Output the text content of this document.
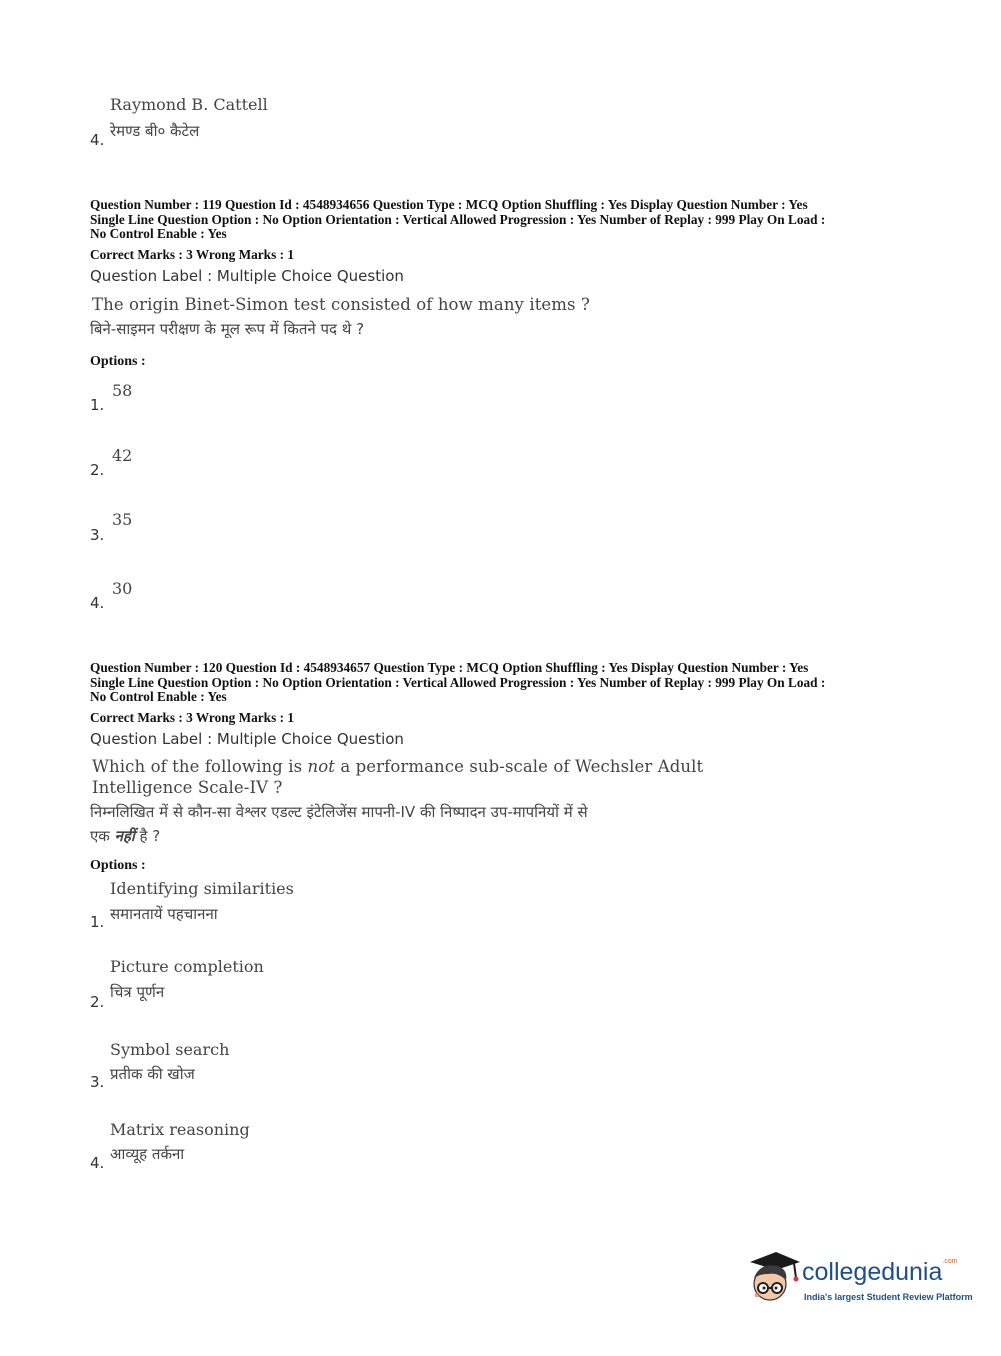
Raymond B. Cattell
रेमण्ड बी० कैटेल
4.
Question Number : 119 Question Id : 4548934656 Question Type : MCQ Option Shuffling : Yes Display Question Number : Yes
Single Line Question Option : No Option Orientation : Vertical Allowed Progression : Yes Number of Replay : 999 Play On Load :
No Control Enable : Yes
Correct Marks : 3 Wrong Marks : 1
Question Label : Multiple Choice Question
The origin Binet-Simon test consisted of how many items ?
बिने-साइमन परीक्षण के मूल रूप में कितने पद थे ?
Options :
58
1.
42
2.
35
3.
30
4.
Question Number : 120 Question Id : 4548934657 Question Type : MCQ Option Shuffling : Yes Display Question Number : Yes
Single Line Question Option : No Option Orientation : Vertical Allowed Progression : Yes Number of Replay : 999 Play On Load :
No Control Enable : Yes
Correct Marks : 3 Wrong Marks : 1
Question Label : Multiple Choice Question
Which of the following is not a performance sub-scale of Wechsler Adult
Intelligence Scale-IV ?
निम्नलिखित में से कौन-सा वेश्लर एडल्ट इंटेलिजेंस मापनी-IV की निष्पादन उप-मापनियों में से
एक नहीं है ?
Options :
Identifying similarities
समानतायें पहचानना
1.
Picture completion
चित्र पूर्णन
2.
Symbol search
प्रतीक की खोज
3.
Matrix reasoning
आव्यूह तर्कना
4.
collegedunia$^{.com}$
India's largest Student Review Platform
